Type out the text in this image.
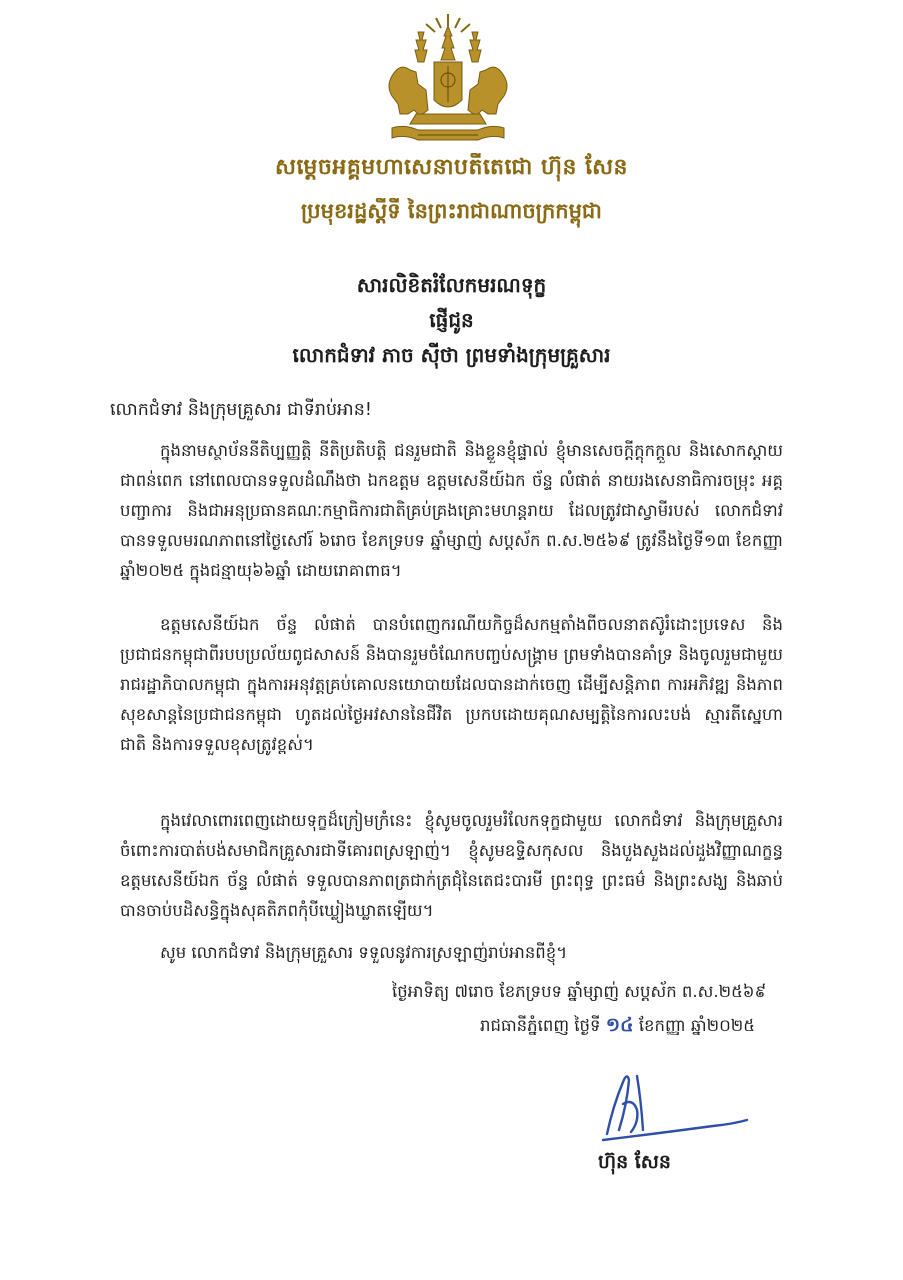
សម្តេចអគ្គមហាសេនាបតីតេជោ ហ៊ុន សែន
ប្រមុខរដ្ឋស្តីទី នៃព្រះរាជាណាចក្រកម្ពុជា
សារលិខិតរំលែកមរណទុក្ខ
ផ្ញើជូន
លោកជំទាវ ភាច ស៊ីថា ព្រមទាំងក្រុមគ្រួសារ
លោកជំទាវ និងក្រុមគ្រួសារ ជាទីរាប់អាន!

ក្នុងនាមស្ថាប័ននីតិប្បញ្ញត្តិ នីតិប្រតិបត្តិ ជនរួមជាតិ និងខ្លួនខ្ញុំផ្ទាល់ ខ្ញុំមានសេចក្តីក្តុកក្តួល និងសោកស្តាយជាពន់ពេក នៅពេលបានទទួលដំណឹងថា ឯកឧត្តម ឧត្តមសេនីយ៍ឯក ច័ន្ទ លំផាត់ នាយរងសេនាធិការចម្រុះ អគ្គបញ្ជាការ និងជាអនុប្រធានគណៈកម្មាធិការជាតិគ្រប់គ្រងគ្រោះមហន្តរាយ ដែលត្រូវជាស្វាមីរបស់ លោកជំទាវ បានទទួលមរណភាពនៅថ្ងៃសៅរ៍ ៦រោច ខែភទ្របទ ឆ្នាំម្សាញ់ សប្តស័ក ព.ស.២៥៦៩ ត្រូវនឹងថ្ងៃទី១៣ ខែកញ្ញា ឆ្នាំ២០២៥ ក្នុងជន្មាយុ៦៦ឆ្នាំ ដោយរោគាពាធ។

ឧត្តមសេនីយ៍ឯក ច័ន្ទ លំផាត់ បានបំពេញករណីយកិច្ចដ៏សកម្មតាំងពីចលនាតស៊ូរំដោះប្រទេស និងប្រជាជនកម្ពុជាពីរបបប្រល័យពូជសាសន៍ និងបានរួមចំណែកបញ្ចប់សង្គ្រាម ព្រមទាំងបានគាំទ្រ និងចូលរួមជាមួយរាជរដ្ឋាភិបាលកម្ពុជា ក្នុងការអនុវត្តគ្រប់គោលនយោបាយដែលបានដាក់ចេញ ដើម្បីសន្តិភាព ការអភិវឌ្ឍ និងភាពសុខសាន្តនៃប្រជាជនកម្ពុជា ហូតដល់ថ្ងៃអវសាននៃជីវិត ប្រកបដោយគុណសម្បត្តិនៃការលះបង់ ស្មារតីស្នេហាជាតិ និងការទទួលខុសត្រូវខ្ពស់។

ក្នុងវេលាពោរពេញដោយទុក្ខដ៏ក្រៀមក្រំនេះ ខ្ញុំសូមចូលរួមរំលែកទុក្ខជាមួយ លោកជំទាវ និងក្រុមគ្រួសារ ចំពោះការបាត់បង់សមាជិកគ្រួសារជាទីគោរពស្រឡាញ់។ ខ្ញុំសូមឧទ្ទិសកុសល និងបួងសួងដល់ដួងវិញ្ញាណក្ខន្ធ ឧត្តមសេនីយ៍ឯក ច័ន្ទ លំផាត់ ទទួលបានភាពត្រជាក់ត្រជុំនៃតេជះបារមី ព្រះពុទ្ធ ព្រះធម៌ និងព្រះសង្ឃ និងឆាប់បានចាប់បដិសន្ធិក្នុងសុគតិភពកុំបីឃ្លៀងឃ្លាតឡើយ។

សូម លោកជំទាវ និងក្រុមគ្រួសារ ទទួលនូវការស្រឡាញ់រាប់អានពីខ្ញុំ។

ថ្ងៃអាទិត្យ ៧រោច ខែភទ្របទ ឆ្នាំម្សាញ់ សប្តស័ក ព.ស.២៥៦៩
រាជធានីភ្នំពេញ ថ្ងៃទី ១៤ ខែកញ្ញា ឆ្នាំ២០២៥
ហ៊ុន សែន
